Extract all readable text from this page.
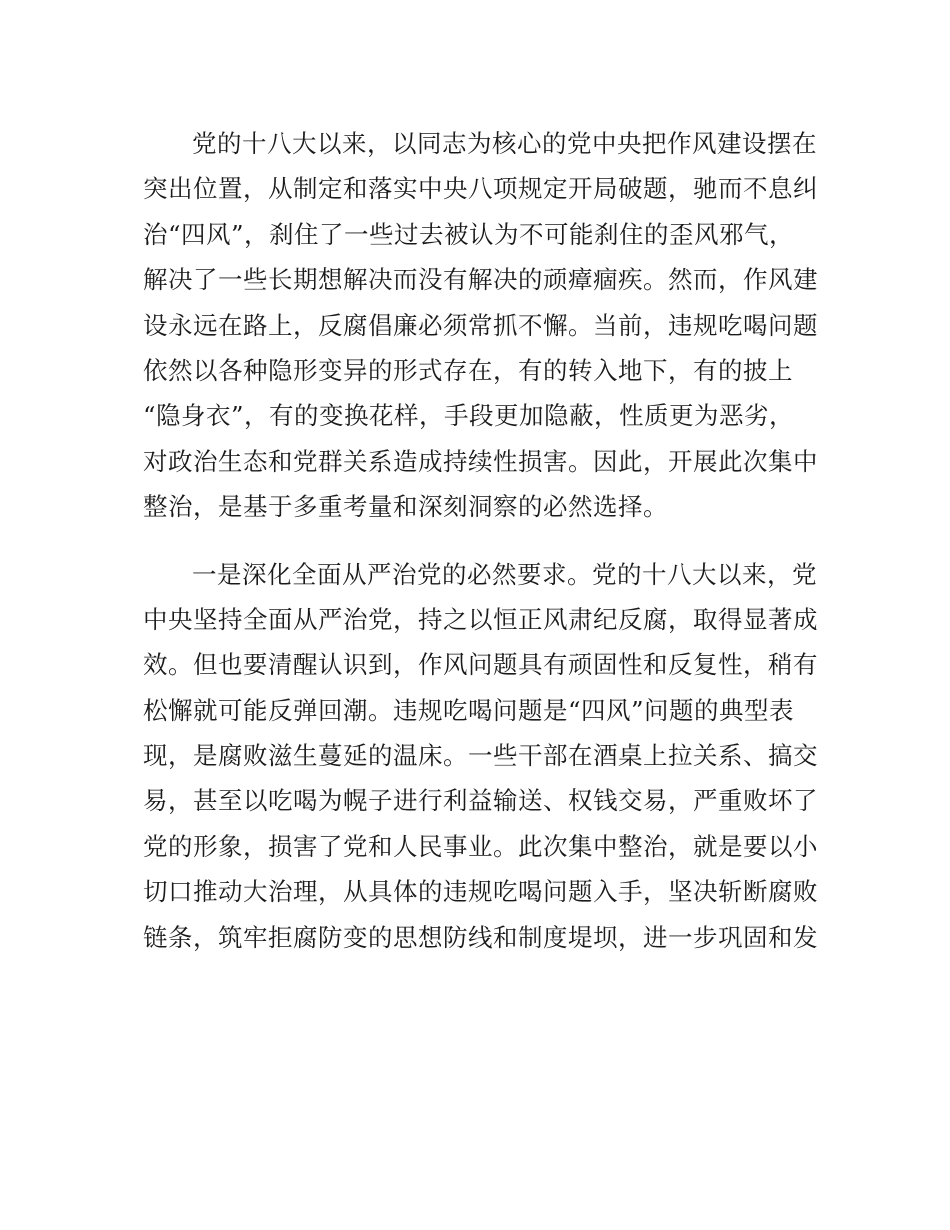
党的十八大以来，以同志为核心的党中央把作风建设摆在
突出位置，从制定和落实中央八项规定开局破题，驰而不息纠
治“四风”，刹住了一些过去被认为不可能刹住的歪风邪气，
解决了一些长期想解决而没有解决的顽瘴痼疾。然而，作风建
设永远在路上，反腐倡廉必须常抓不懈。当前，违规吃喝问题
依然以各种隐形变异的形式存在，有的转入地下，有的披上
“隐身衣”，有的变换花样，手段更加隐蔽，性质更为恶劣，
对政治生态和党群关系造成持续性损害。因此，开展此次集中
整治，是基于多重考量和深刻洞察的必然选择。
一是深化全面从严治党的必然要求。党的十八大以来，党
中央坚持全面从严治党，持之以恒正风肃纪反腐，取得显著成
效。但也要清醒认识到，作风问题具有顽固性和反复性，稍有
松懈就可能反弹回潮。违规吃喝问题是“四风”问题的典型表
现，是腐败滋生蔓延的温床。一些干部在酒桌上拉关系、搞交
易，甚至以吃喝为幌子进行利益输送、权钱交易，严重败坏了
党的形象，损害了党和人民事业。此次集中整治，就是要以小
切口推动大治理，从具体的违规吃喝问题入手，坚决斩断腐败
链条，筑牢拒腐防变的思想防线和制度堤坝，进一步巩固和发
